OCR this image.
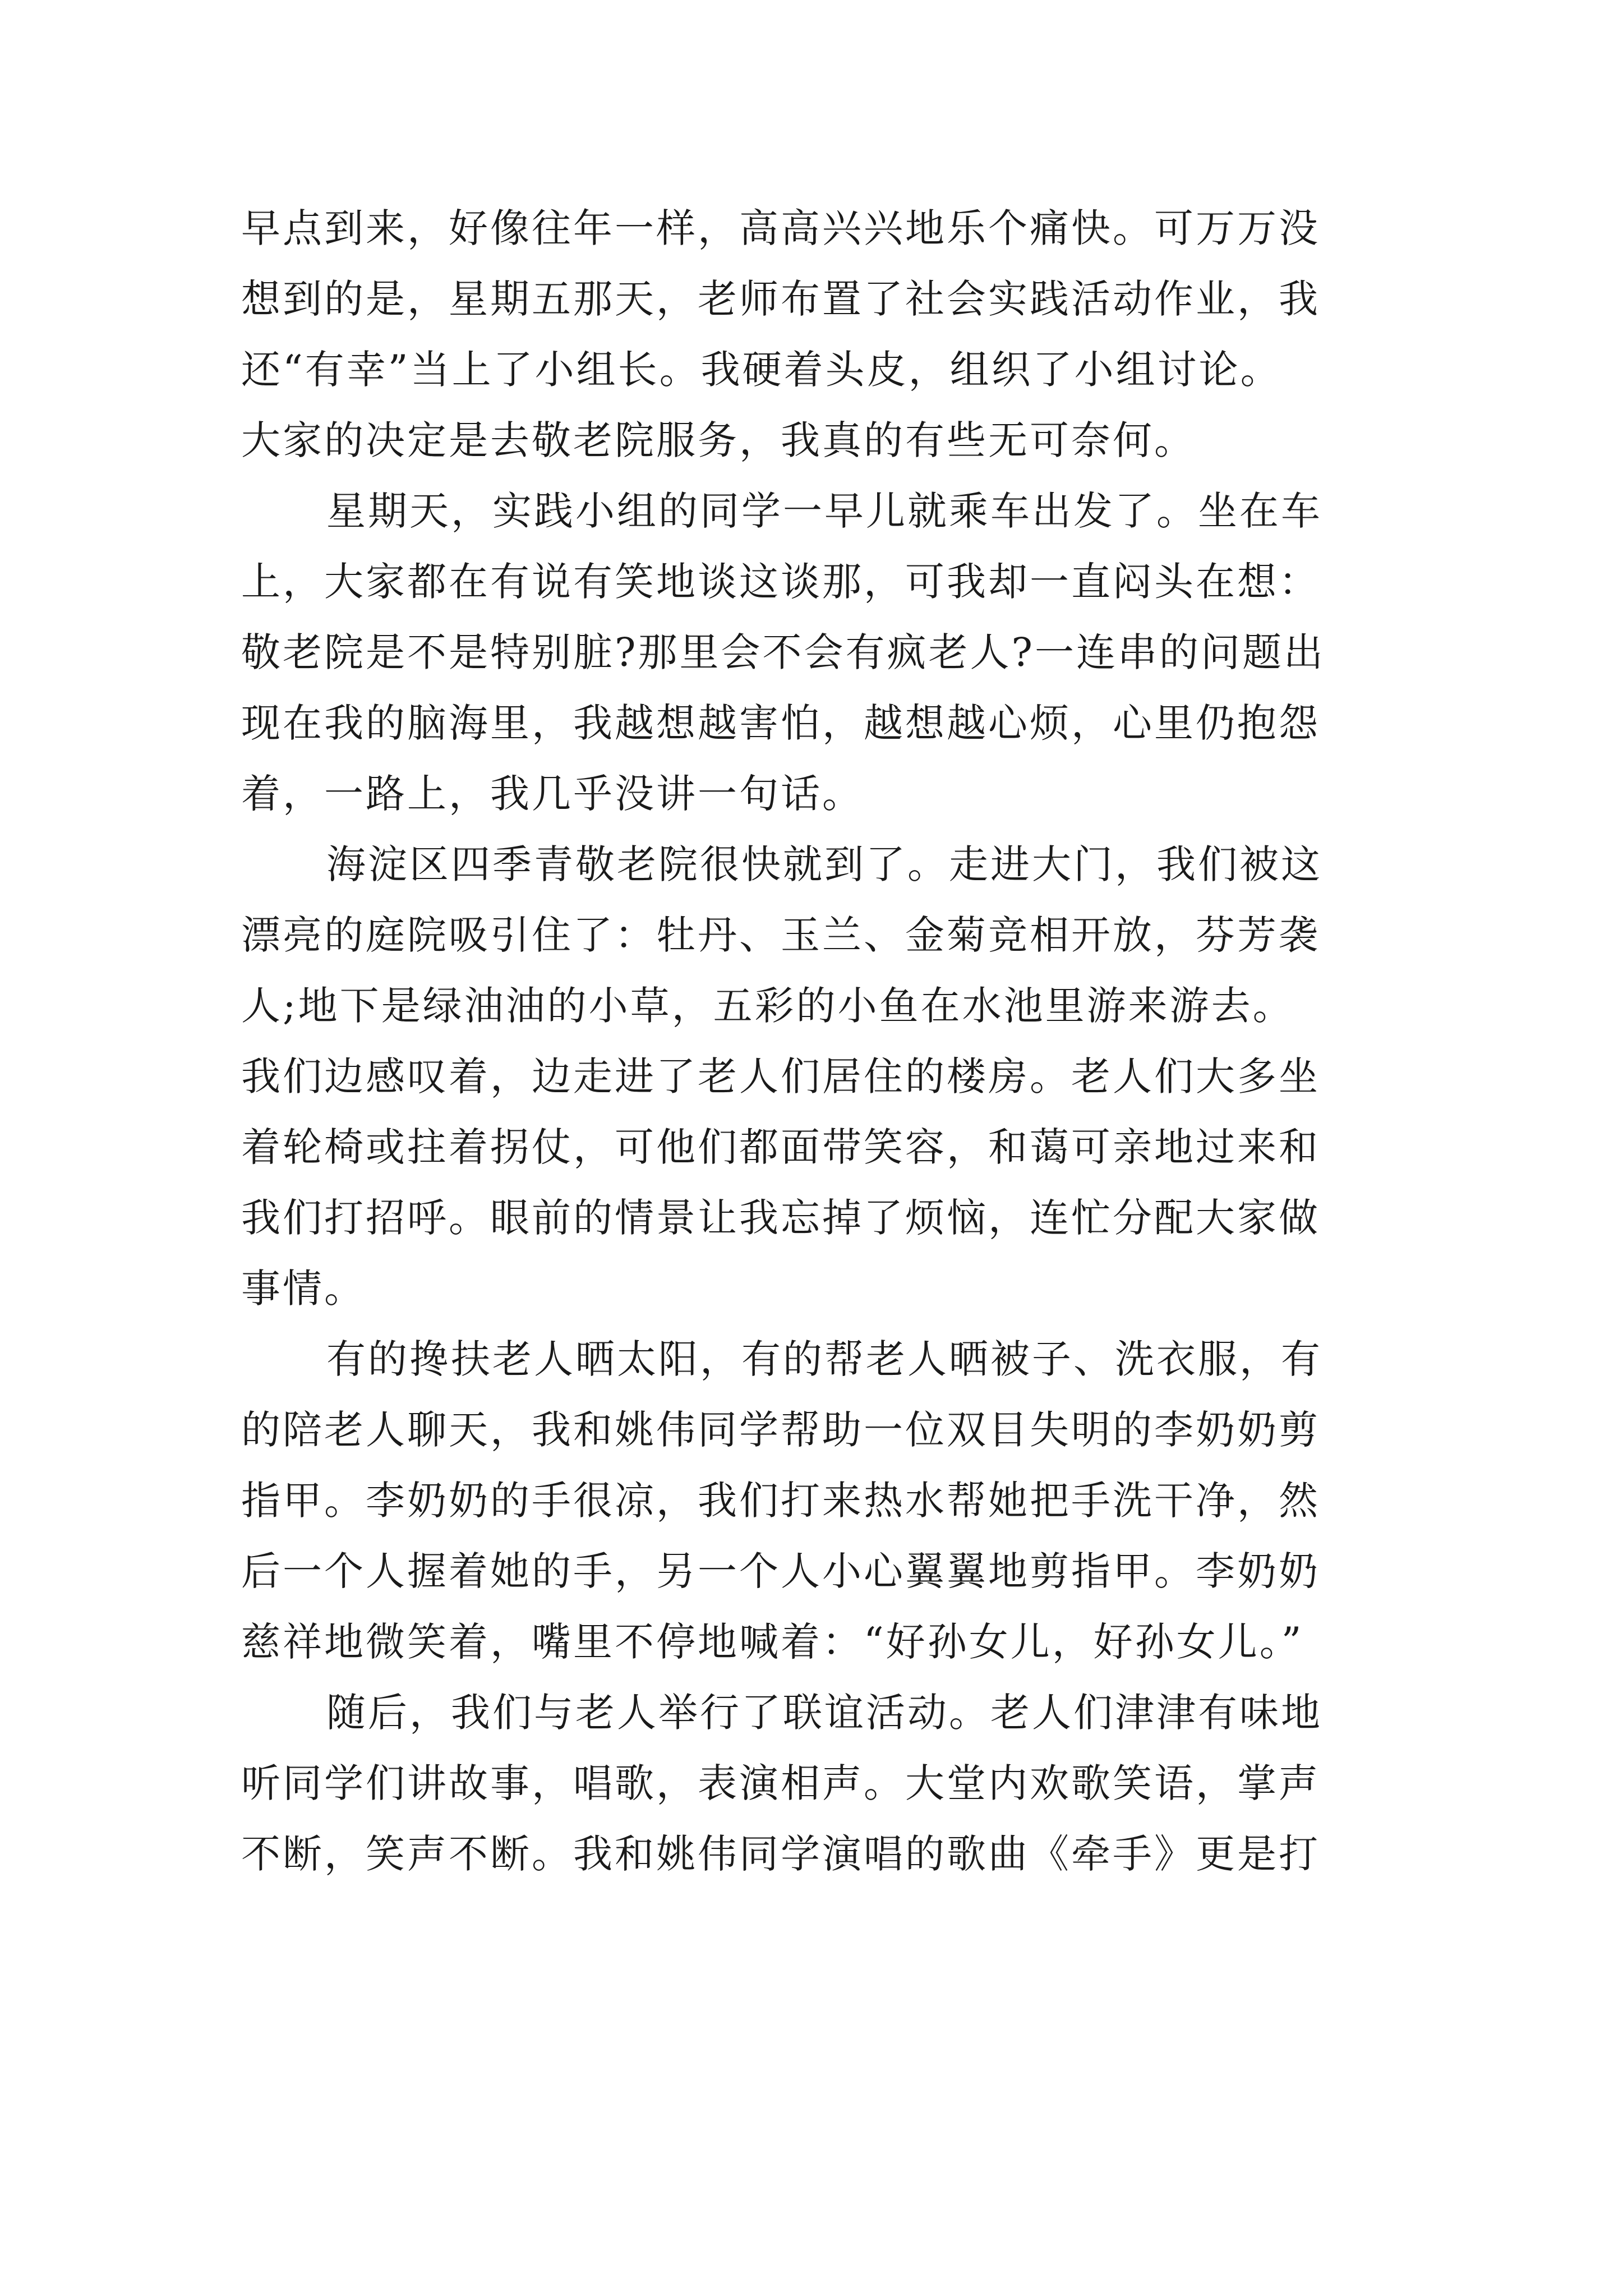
早点到来，好像往年一样，高高兴兴地乐个痛快。可万万没
想到的是，星期五那天，老师布置了社会实践活动作业，我
还“有幸”当上了小组长。我硬着头皮，组织了小组讨论。
大家的决定是去敬老院服务，我真的有些无可奈何。
星期天，实践小组的同学一早儿就乘车出发了。坐在车
上，大家都在有说有笑地谈这谈那，可我却一直闷头在想：
敬老院是不是特别脏?那里会不会有疯老人?一连串的问题出
现在我的脑海里，我越想越害怕，越想越心烦，心里仍抱怨
着，一路上，我几乎没讲一句话。
海淀区四季青敬老院很快就到了。走进大门，我们被这
漂亮的庭院吸引住了：牡丹、玉兰、金菊竞相开放，芬芳袭
人;地下是绿油油的小草，五彩的小鱼在水池里游来游去。
我们边感叹着，边走进了老人们居住的楼房。老人们大多坐
着轮椅或拄着拐仗，可他们都面带笑容，和蔼可亲地过来和
我们打招呼。眼前的情景让我忘掉了烦恼，连忙分配大家做
事情。
有的搀扶老人晒太阳，有的帮老人晒被子、洗衣服，有
的陪老人聊天，我和姚伟同学帮助一位双目失明的李奶奶剪
指甲。李奶奶的手很凉，我们打来热水帮她把手洗干净，然
后一个人握着她的手，另一个人小心翼翼地剪指甲。李奶奶
慈祥地微笑着，嘴里不停地喊着：“好孙女儿，好孙女儿。”
随后，我们与老人举行了联谊活动。老人们津津有味地
听同学们讲故事，唱歌，表演相声。大堂内欢歌笑语，掌声
不断，笑声不断。我和姚伟同学演唱的歌曲《牵手》更是打
